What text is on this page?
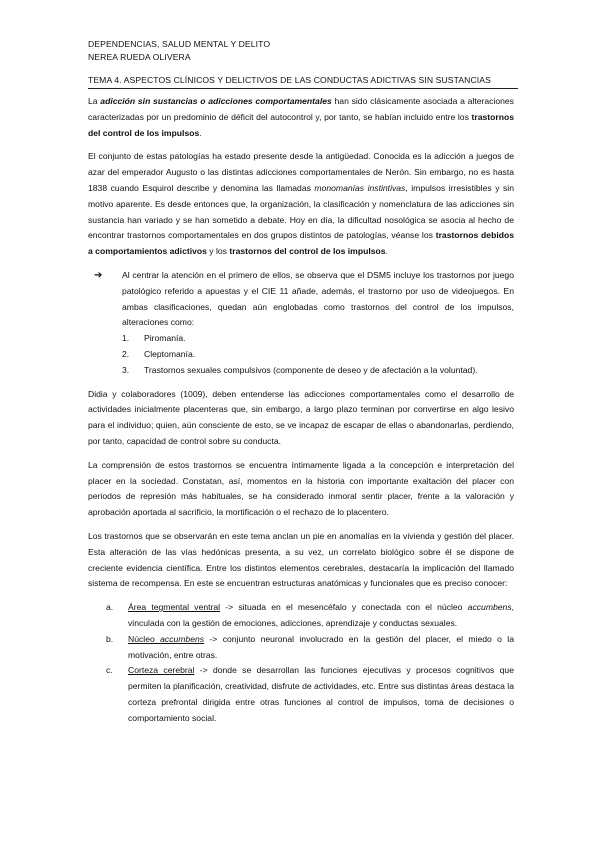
DEPENDENCIAS, SALUD MENTAL Y DELITO
NEREA RUEDA OLIVERA
TEMA 4. ASPECTOS CLÍNICOS Y DELICTIVOS DE LAS CONDUCTAS ADICTIVAS SIN SUSTANCIAS

La adicción sin sustancias o adicciones comportamentales han sido clásicamente asociada a alteraciones caracterizadas por un predominio de déficit del autocontrol y, por tanto, se habían incluido entre los trastornos del control de los impulsos.

El conjunto de estas patologías ha estado presente desde la antigüedad. Conocida es la adicción a juegos de azar del emperador Augusto o las distintas adicciones comportamentales de Nerón. Sin embargo, no es hasta 1838 cuando Esquirol describe y denomina las llamadas monomanías instintivas, impulsos irresistibles y sin motivo aparente. Es desde entonces que, la organización, la clasificación y nomenclatura de las adicciones sin sustancia han variado y se han sometido a debate. Hoy en día, la dificultad nosológica se asocia al hecho de encontrar trastornos comportamentales en dos grupos distintos de patologías, véanse los trastornos debidos a comportamientos adictivos y los trastornos del control de los impulsos.

➔ Al centrar la atención en el primero de ellos, se observa que el DSM5 incluye los trastornos por juego patológico referido a apuestas y el CIE 11 añade, además, el trastorno por uso de videojuegos. En ambas clasificaciones, quedan aún englobadas como trastornos del control de los impulsos, alteraciones como:
1. Piromanía.
2. Cleptomanía.
3. Trastornos sexuales compulsivos (componente de deseo y de afectación a la voluntad).

Didia y colaboradores (1009), deben entenderse las adicciones comportamentales como el desarrollo de actividades inicialmente placenteras que, sin embargo, a largo plazo terminan por convertirse en algo lesivo para el individuo; quien, aún consciente de esto, se ve incapaz de escapar de ellas o abandonarlas, perdiendo, por tanto, capacidad de control sobre su conducta.

La comprensión de estos trastornos se encuentra íntimamente ligada a la concepción e interpretación del placer en la sociedad. Constatan, así, momentos en la historia con importante exaltación del placer con periodos de represión más habituales, se ha considerado inmoral sentir placer, frente a la valoración y aprobación aportada al sacrificio, la mortificación o el rechazo de lo placentero.

Los trastornos que se observarán en este tema anclan un pie en anomalías en la vivienda y gestión del placer. Esta alteración de las vías hedónicas presenta, a su vez, un correlato biológico sobre él se dispone de creciente evidencia científica. Entre los distintos elementos cerebrales, destacaría la implicación del llamado sistema de recompensa. En este se encuentran estructuras anatómicas y funcionales que es preciso conocer:

a. Área tegmental ventral -> situada en el mesencéfalo y conectada con el núcleo accumbens, vinculada con la gestión de emociones, adicciones, aprendizaje y conductas sexuales.
b. Núcleo accumbens -> conjunto neuronal involucrado en la gestión del placer, el miedo o la motivación, entre otras.
c. Corteza cerebral -> donde se desarrollan las funciones ejecutivas y procesos cognitivos que permiten la planificación, creatividad, disfrute de actividades, etc. Entre sus distintas áreas destaca la corteza prefrontal dirigida entre otras funciones al control de impulsos, toma de decisiones o comportamiento social.
